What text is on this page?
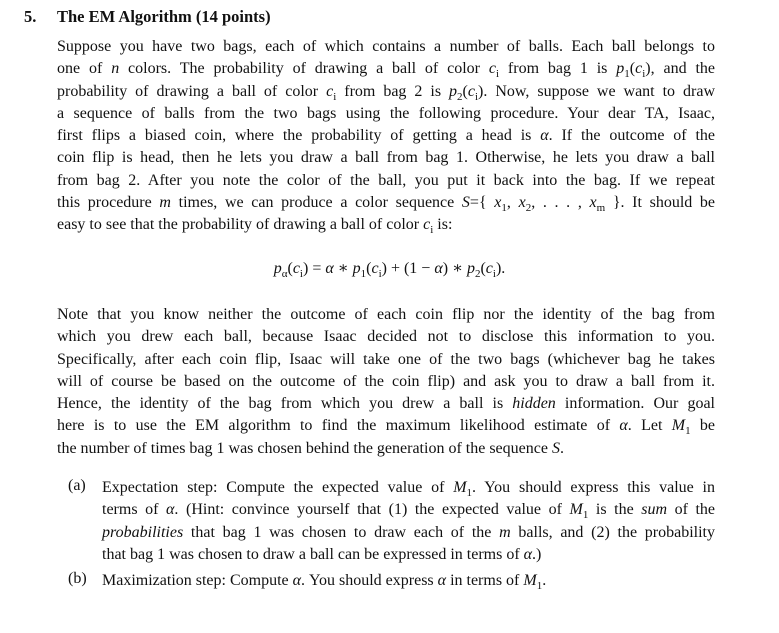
5. The EM Algorithm (14 points)
Suppose you have two bags, each of which contains a number of balls. Each ball belongs to
one of n colors. The probability of drawing a ball of color $c_i$ from bag 1 is $p_1(c_i)$, and the
probability of drawing a ball of color $c_i$ from bag 2 is $p_2(c_i)$. Now, suppose we want to draw
a sequence of balls from the two bags using the following procedure. Your dear TA, Isaac,
first flips a biased coin, where the probability of getting a head is α. If the outcome of the
coin flip is head, then he lets you draw a ball from bag 1. Otherwise, he lets you draw a ball
from bag 2. After you note the color of the ball, you put it back into the bag. If we repeat
this procedure m times, we can produce a color sequence S={ $x_1$, $x_2$, . . . , $x_m$ }. It should be
easy to see that the probability of drawing a ball of color $c_i$ is:
$p_\alpha(c_i) = \alpha$ ∗ $p_1(c_i) + (1 - \alpha)$ ∗ $p_2(c_i)$.
Note that you know neither the outcome of each coin flip nor the identity of the bag from
which you drew each ball, because Isaac decided not to disclose this information to you.
Specifically, after each coin flip, Isaac will take one of the two bags (whichever bag he takes
will of course be based on the outcome of the coin flip) and ask you to draw a ball from it.
Hence, the identity of the bag from which you drew a ball is hidden information. Our goal
here is to use the EM algorithm to find the maximum likelihood estimate of α. Let $M_1$ be
the number of times bag 1 was chosen behind the generation of the sequence S.
(a) Expectation step: Compute the expected value of $M_1$. You should express this value in
terms of α. (Hint: convince yourself that (1) the expected value of $M_1$ is the sum of the
probabilities that bag 1 was chosen to draw each of the m balls, and (2) the probability
that bag 1 was chosen to draw a ball can be expressed in terms of α.)
(b) Maximization step: Compute α. You should express α in terms of $M_1$.
